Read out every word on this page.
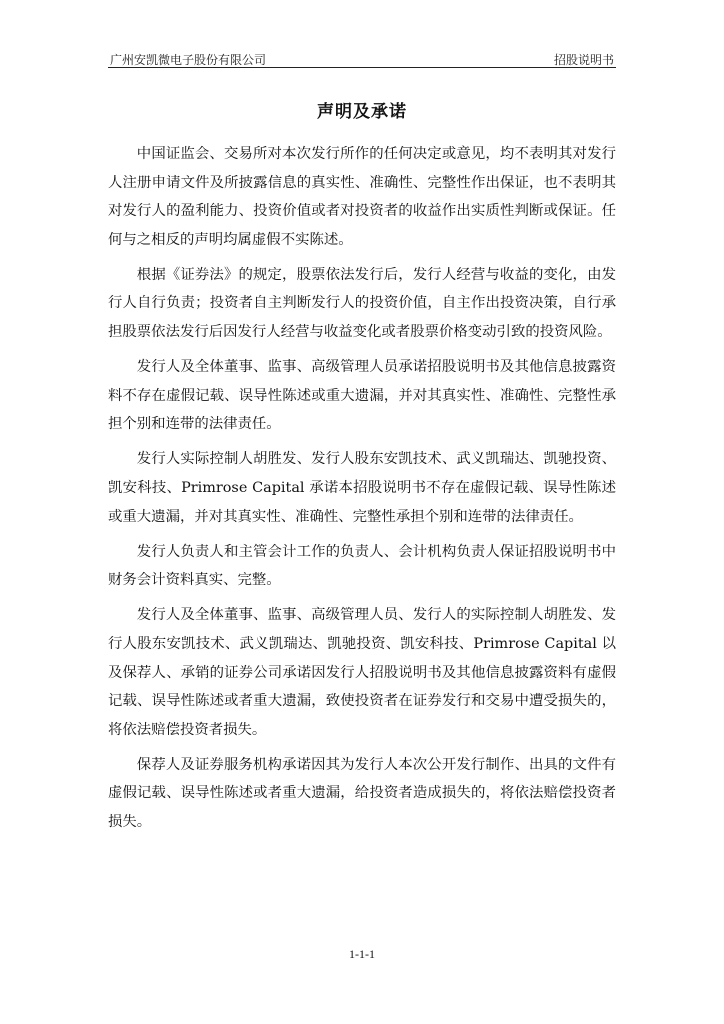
广州安凯微电子股份有限公司	招股说明书
声明及承诺

中国证监会、交易所对本次发行所作的任何决定或意见，均不表明其对发行人注册申请文件及所披露信息的真实性、准确性、完整性作出保证，也不表明其对发行人的盈利能力、投资价值或者对投资者的收益作出实质性判断或保证。任何与之相反的声明均属虚假不实陈述。

根据《证券法》的规定，股票依法发行后，发行人经营与收益的变化，由发行人自行负责；投资者自主判断发行人的投资价值，自主作出投资决策，自行承担股票依法发行后因发行人经营与收益变化或者股票价格变动引致的投资风险。

发行人及全体董事、监事、高级管理人员承诺招股说明书及其他信息披露资料不存在虚假记载、误导性陈述或重大遗漏，并对其真实性、准确性、完整性承担个别和连带的法律责任。

发行人实际控制人胡胜发、发行人股东安凯技术、武义凯瑞达、凯驰投资、凯安科技、Primrose Capital 承诺本招股说明书不存在虚假记载、误导性陈述或重大遗漏，并对其真实性、准确性、完整性承担个别和连带的法律责任。

发行人负责人和主管会计工作的负责人、会计机构负责人保证招股说明书中财务会计资料真实、完整。

发行人及全体董事、监事、高级管理人员、发行人的实际控制人胡胜发、发行人股东安凯技术、武义凯瑞达、凯驰投资、凯安科技、Primrose Capital 以及保荐人、承销的证券公司承诺因发行人招股说明书及其他信息披露资料有虚假记载、误导性陈述或者重大遗漏，致使投资者在证券发行和交易中遭受损失的，将依法赔偿投资者损失。

保荐人及证券服务机构承诺因其为发行人本次公开发行制作、出具的文件有虚假记载、误导性陈述或者重大遗漏，给投资者造成损失的，将依法赔偿投资者损失。

1-1-1
